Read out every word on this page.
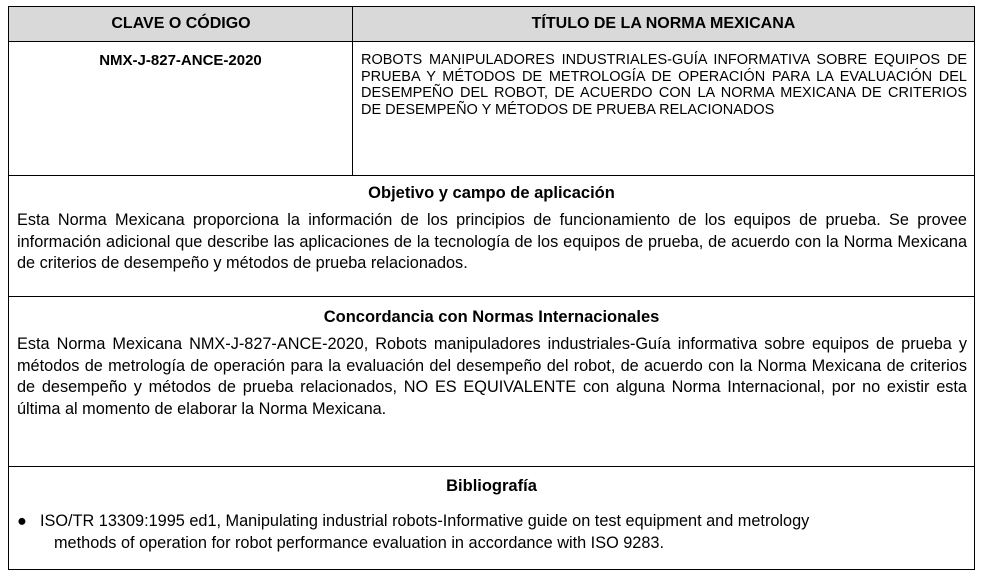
CLAVE O CÓDIGO	TÍTULO DE LA NORMA MEXICANA
NMX-J-827-ANCE-2020	ROBOTS MANIPULADORES INDUSTRIALES-GUÍA INFORMATIVA SOBRE EQUIPOS DE PRUEBA Y MÉTODOS DE METROLOGÍA DE OPERACIÓN PARA LA EVALUACIÓN DEL DESEMPEÑO DEL ROBOT, DE ACUERDO CON LA NORMA MEXICANA DE CRITERIOS DE DESEMPEÑO Y MÉTODOS DE PRUEBA RELACIONADOS
Objetivo y campo de aplicación
Esta Norma Mexicana proporciona la información de los principios de funcionamiento de los equipos de prueba. Se provee información adicional que describe las aplicaciones de la tecnología de los equipos de prueba, de acuerdo con la Norma Mexicana de criterios de desempeño y métodos de prueba relacionados.
Concordancia con Normas Internacionales
Esta Norma Mexicana NMX-J-827-ANCE-2020, Robots manipuladores industriales-Guía informativa sobre equipos de prueba y métodos de metrología de operación para la evaluación del desempeño del robot, de acuerdo con la Norma Mexicana de criterios de desempeño y métodos de prueba relacionados, NO ES EQUIVALENTE con alguna Norma Internacional, por no existir esta última al momento de elaborar la Norma Mexicana.
Bibliografía
● ISO/TR 13309:1995 ed1, Manipulating industrial robots-Informative guide on test equipment and metrology
methods of operation for robot performance evaluation in accordance with ISO 9283.
